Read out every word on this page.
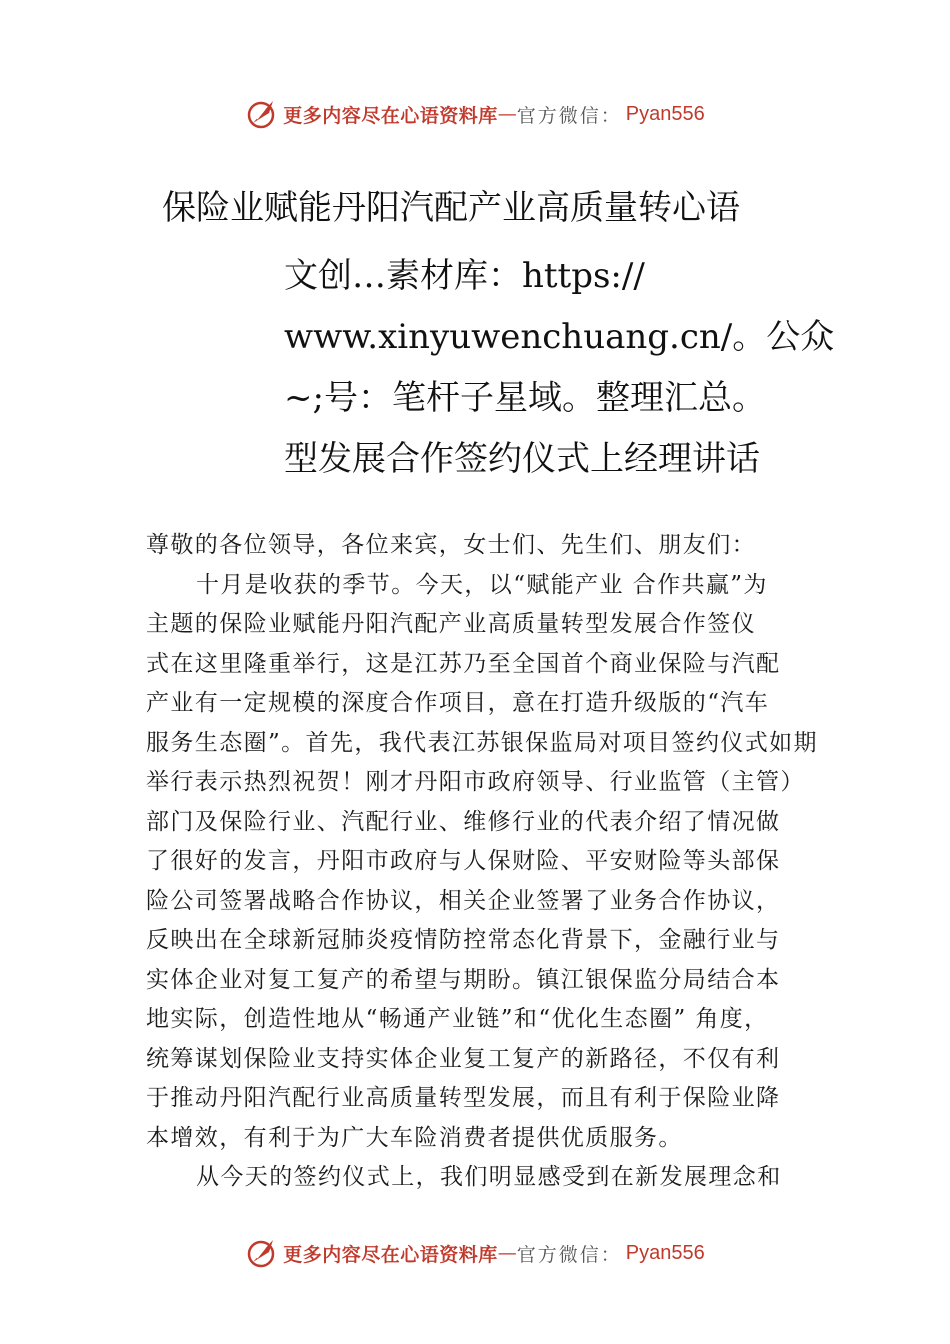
更多内容尽在心语资料库 — 官方微信： Pyan556
保险业赋能丹阳汽配产业高质量转心语
文创…素材库：https://
www.xinyuwenchuang.cn/。公众
~;号：笔杆子星域。整理汇总。
型发展合作签约仪式上经理讲话
尊敬的各位领导，各位来宾，女士们、先生们、朋友们：
十月是收获的季节。今天，以“赋能产业 合作共赢”为
主题的保险业赋能丹阳汽配产业高质量转型发展合作签仪
式在这里隆重举行，这是江苏乃至全国首个商业保险与汽配
产业有一定规模的深度合作项目，意在打造升级版的“汽车
服务生态圈”。首先，我代表江苏银保监局对项目签约仪式如期
举行表示热烈祝贺！刚才丹阳市政府领导、行业监管（主管）
部门及保险行业、汽配行业、维修行业的代表介绍了情况做
了很好的发言，丹阳市政府与人保财险、平安财险等头部保
险公司签署战略合作协议，相关企业签署了业务合作协议，
反映出在全球新冠肺炎疫情防控常态化背景下，金融行业与
实体企业对复工复产的希望与期盼。镇江银保监分局结合本
地实际，创造性地从“畅通产业链”和“优化生态圈” 角度，
统筹谋划保险业支持实体企业复工复产的新路径，不仅有利
于推动丹阳汽配行业高质量转型发展，而且有利于保险业降
本增效，有利于为广大车险消费者提供优质服务。
从今天的签约仪式上，我们明显感受到在新发展理念和
更多内容尽在心语资料库 — 官方微信： Pyan556
